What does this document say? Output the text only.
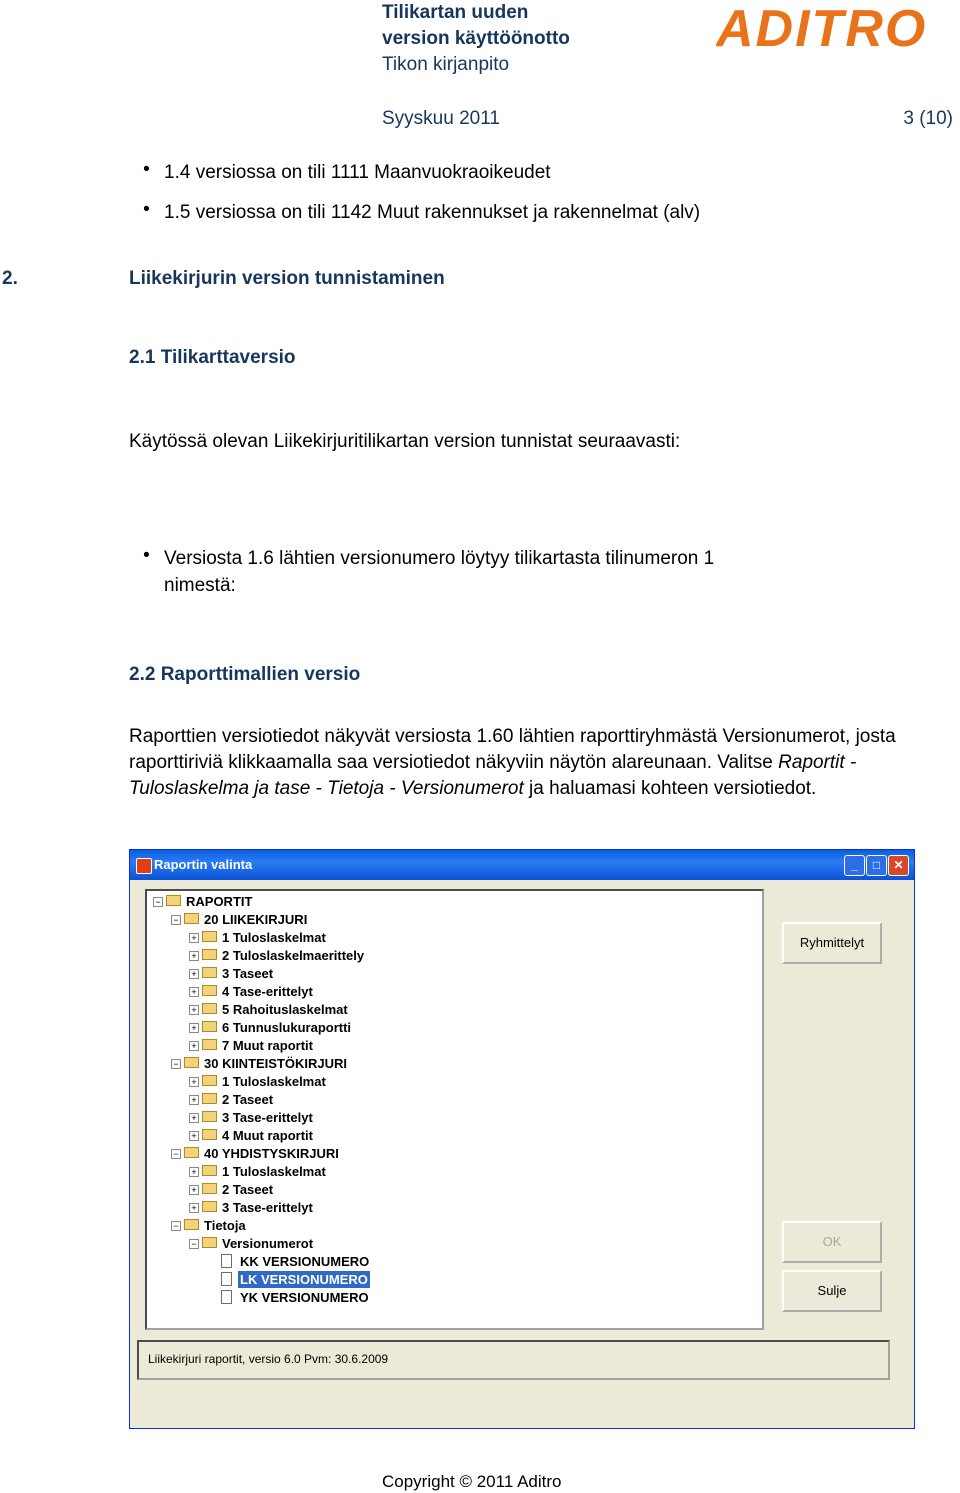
Tilikartan uuden
version käyttöönotto
Tikon kirjanpito
ADITRO
Syyskuu 2011	3 (10)
2.	Liikekirjurin version tunnistaminen
2.1 Tilikarttaversio
Käytössä olevan Liikekirjuritilikartan version tunnistat seuraavasti:
• 1.4 versiossa on tili 1111 Maanvuokraoikeudet
• 1.5 versiossa on tili 1142 Muut rakennukset ja rakennelmat (alv)
• Versiosta 1.6 lähtien versionumero löytyy tilikartasta tilinumeron 1 nimestä:
2.2 Raporttimallien versio
Raporttien versiotiedot näkyvät versiosta 1.60 lähtien raporttiryhmästä Versionumerot, josta raporttiriviä klikkaamalla saa versiotiedot näkyviin näytön alareunaan. Valitse Raportit - Tuloslaskelma ja tase - Tietoja - Versionumerot ja haluamasi kohteen versiotiedot.
Raportin valinta	_	□	✕
− RAPORTIT
− 20 LIIKEKIRJURI
+ 1 Tuloslaskelmat
+ 2 Tuloslaskelmaerittely
+ 3 Taseet
+ 4 Tase-erittelyt
+ 5 Rahoituslaskelmat
+ 6 Tunnuslukuraportti
+ 7 Muut raportit
− 30 KIINTEISTÖKIRJURI
+ 1 Tuloslaskelmat
+ 2 Taseet
+ 3 Tase-erittelyt
+ 4 Muut raportit
− 40 YHDISTYSKIRJURI
+ 1 Tuloslaskelmat
+ 2 Taseet
+ 3 Tase-erittelyt
− Tietoja
− Versionumerot
KK VERSIONUMERO
LK VERSIONUMERO
YK VERSIONUMERO
Ryhmittelyt
OK
Sulje
Liikekirjuri raportit, versio 6.0 Pvm: 30.6.2009
Copyright © 2011 Aditro
